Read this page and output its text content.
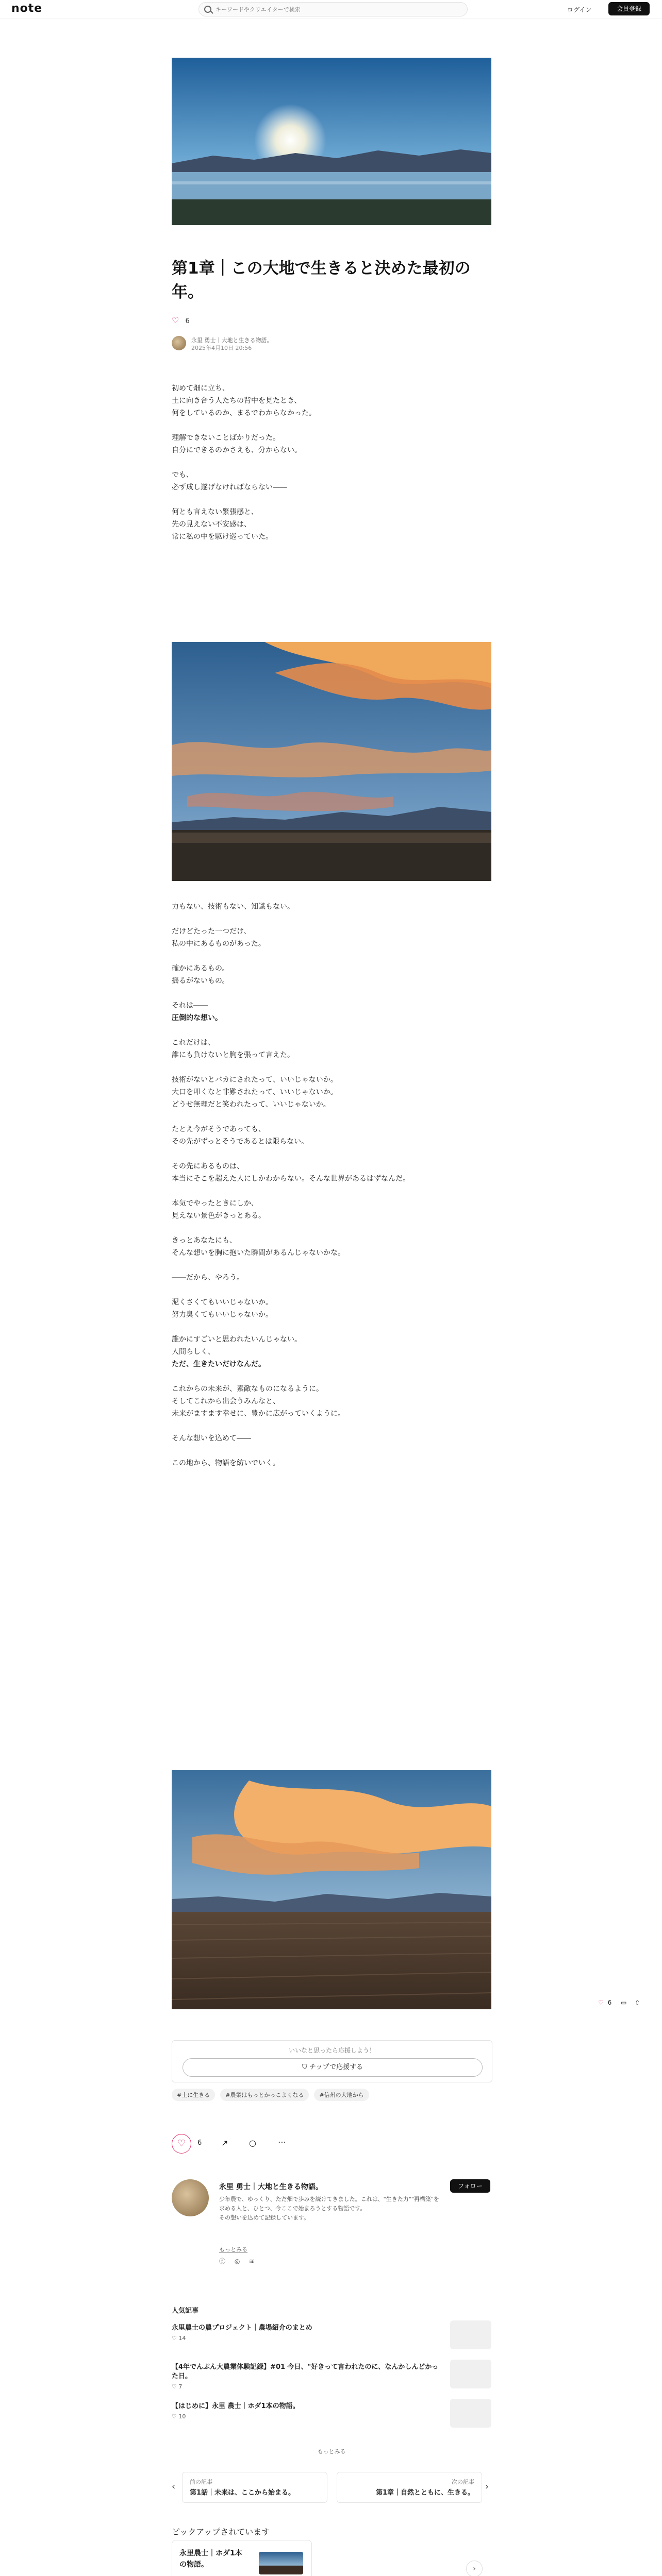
note
キーワードやクリエイターで検索	ログイン	会員登録
第1章｜この大地で生きると決めた最初の年。
♡ 6
永里 勇士｜大地と生きる物語。
2025年4月10日 20:56

初めて畑に立ち、
土に向き合う人たちの背中を見たとき、
何をしているのか、まるでわからなかった。

理解できないことばかりだった。
自分にできるのかさえも、分からない。

でも、
必ず成し遂げなければならない――

何とも言えない緊張感と、
先の見えない不安感は、
常に私の中を駆け巡っていた。

力もない、技術もない、知識もない。

だけどたった一つだけ、
私の中にあるものがあった。

確かにあるもの。
揺るがないもの。

それは――

圧倒的な想い。

これだけは、
誰にも負けないと胸を張って言えた。

技術がないとバカにされたって、いいじゃないか。
大口を叩くなと非難されたって、いいじゃないか。
どうせ無理だと笑われたって、いいじゃないか。

たとえ今がそうであっても、
その先がずっとそうであるとは限らない。

その先にあるものは、
本当にそこを超えた人にしかわからない。そんな世界があるはずなんだ。

本気でやったときにしか、
見えない景色がきっとある。

きっとあなたにも、
そんな想いを胸に抱いた瞬間があるんじゃないかな。

――だから、やろう。

泥くさくてもいいじゃないか。
努力臭くてもいいじゃないか。

誰かにすごいと思われたいんじゃない。
人間らしく、

ただ、生きたいだけなんだ。

これからの未来が、素敵なものになるように。
そしてこれから出会うみんなと、
未来がますます幸せに、豊かに広がっていくように。

そんな想いを込めて――

この地から、物語を紡いでいく。

いいなと思ったら応援しよう！
⛉ チップで応援する
#土に生きる	#農業はもっとかっこよくなる	#信州の大地から
♡	6 ↗	○	⋯
♡ 6 ▭ ⇧
永里 勇士｜大地と生きる物語。	フォロー
少年農で、ゆっくり、ただ畑で歩みを続けてきました。これは、"生きた力""再構築"を求める人と、ひとつ、今ここで始まろうとする物語です。
その想いを込めて記録しています。
もっとみる
ⓕ ◎ ≋
人気記事
永里農士の農プロジェクト｜農場紹介のまとめ
♡ 14
【4年でんぷん大農業体験記録】#01 今日、"好きって言われたのに、なんかしんどかった日。
♡ 7
【はじめに】永里 農士｜ホダ1本の物語。
♡ 10
もっとみる
‹	前の記事
第1話｜未来は、ここから始まる。
次の記事
第1章｜自然とともに、生きる。
›
ピックアップされています
永里農士｜ホダ1本の物語。	›
